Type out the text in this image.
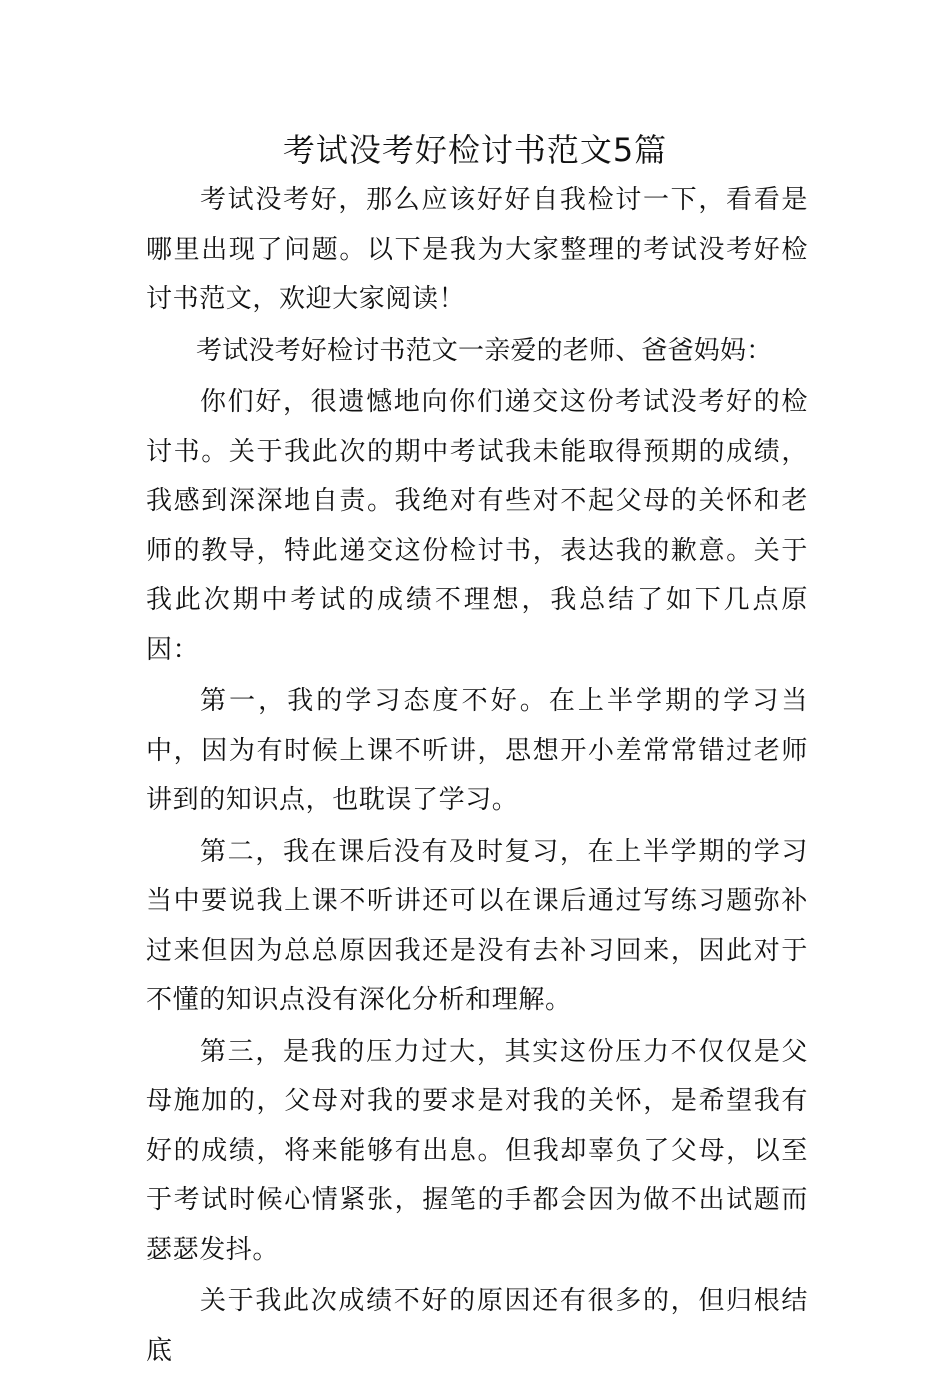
考试没考好检讨书范文5篇

考试没考好，那么应该好好自我检讨一下，看看是哪里出现了问题。以下是我为大家整理的考试没考好检讨书范文，欢迎大家阅读！

考试没考好检讨书范文一亲爱的老师、爸爸妈妈：

你们好，很遗憾地向你们递交这份考试没考好的检讨书。关于我此次的期中考试我未能取得预期的成绩，我感到深深地自责。我绝对有些对不起父母的关怀和老师的教导，特此递交这份检讨书，表达我的歉意。关于我此次期中考试的成绩不理想，我总结了如下几点原因：

第一，我的学习态度不好。在上半学期的学习当中，因为有时候上课不听讲，思想开小差常常错过老师讲到的知识点，也耽误了学习。

第二，我在课后没有及时复习，在上半学期的学习当中要说我上课不听讲还可以在课后通过写练习题弥补过来但因为总总原因我还是没有去补习回来，因此对于不懂的知识点没有深化分析和理解。

第三，是我的压力过大，其实这份压力不仅仅是父母施加的，父母对我的要求是对我的关怀，是希望我有好的成绩，将来能够有出息。但我却辜负了父母，以至于考试时候心情紧张，握笔的手都会因为做不出试题而瑟瑟发抖。

关于我此次成绩不好的原因还有很多的，但归根结底
